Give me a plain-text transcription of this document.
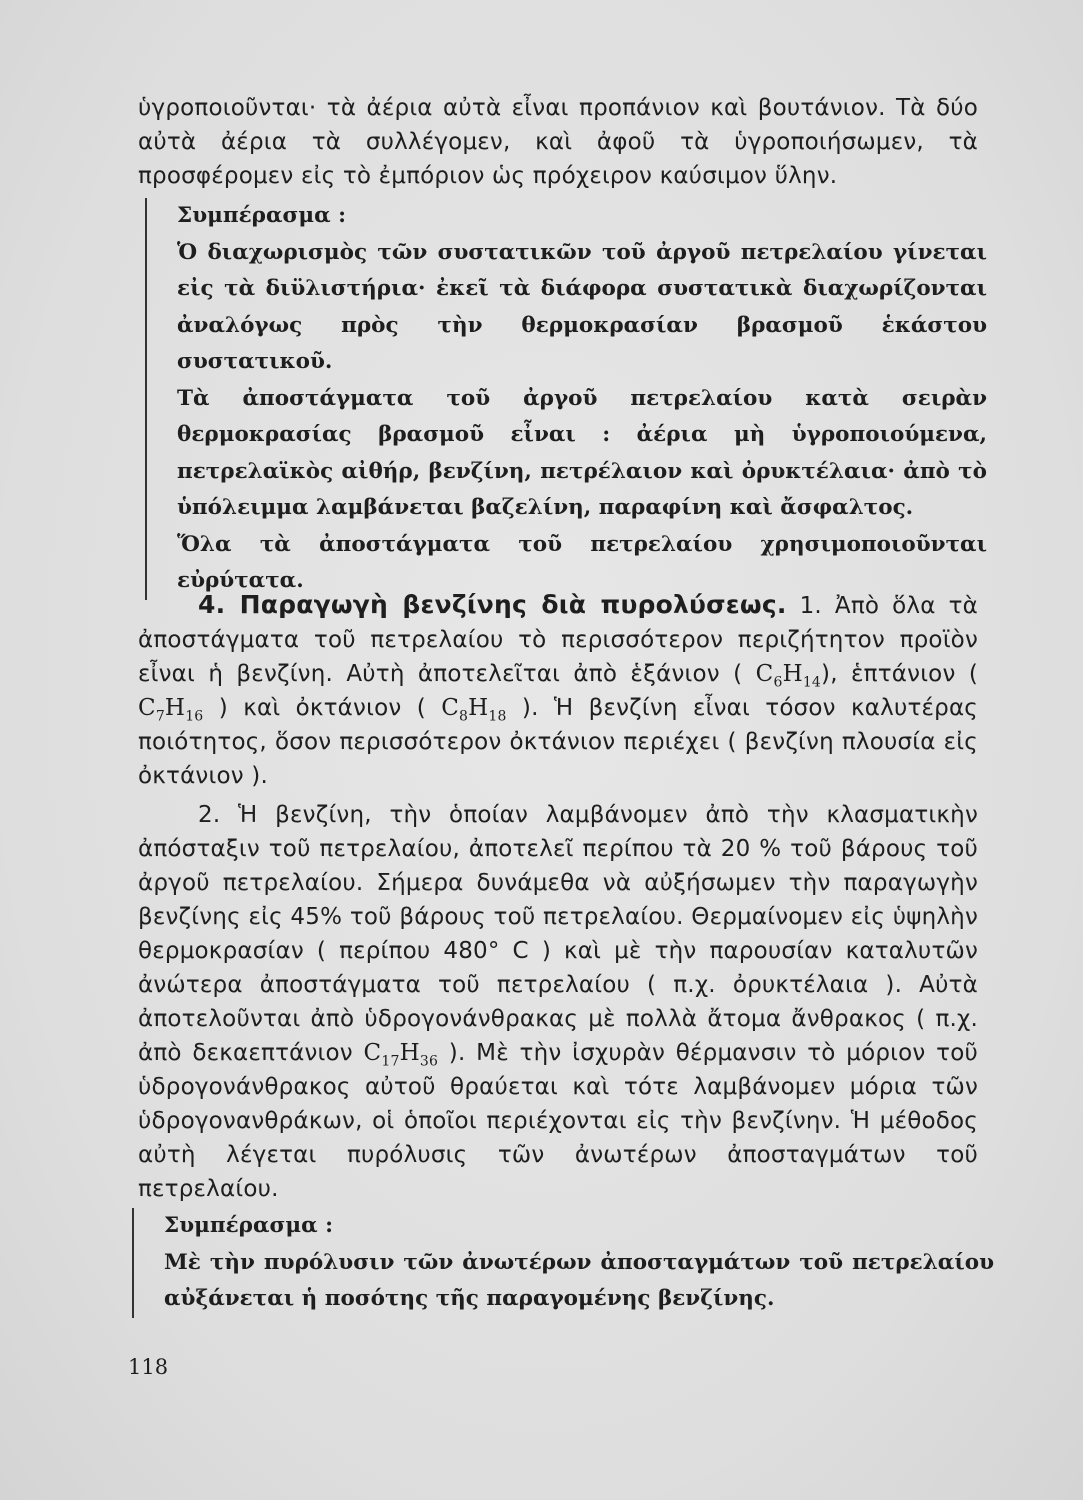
ὑγροποιοῦνται· τὰ ἀέρια αὐτὰ εἶναι προπάνιον καὶ βουτάνιον. Τὰ δύο αὐτὰ ἀέρια τὰ συλλέγομεν, καὶ ἀφοῦ τὰ ὑγροποιήσωμεν, τὰ προσφέρομεν εἰς τὸ ἐμπόριον ὡς πρόχειρον καύσιμον ὕλην.

Συμπέρασμα :
Ὁ διαχωρισμὸς τῶν συστατικῶν τοῦ ἀργοῦ πετρελαίου γίνεται εἰς τὰ διϋλιστήρια· ἐκεῖ τὰ διάφορα συστατικὰ διαχωρίζονται ἀναλόγως πρὸς τὴν θερμοκρασίαν βρασμοῦ ἑκάστου συστατικοῦ.
Τὰ ἀποστάγματα τοῦ ἀργοῦ πετρελαίου κατὰ σειρὰν θερμοκρασίας βρασμοῦ εἶναι : ἀέρια μὴ ὑγροποιούμενα, πετρελαϊκὸς αἰθήρ, βενζίνη, πετρέλαιον καὶ ὀρυκτέλαια· ἀπὸ τὸ ὑπόλειμμα λαμβάνεται βαζελίνη, παραφίνη καὶ ἄσφαλτος.
Ὅλα τὰ ἀποστάγματα τοῦ πετρελαίου χρησιμοποιοῦνται εὐρύτατα.

4. Παραγωγὴ βενζίνης διὰ πυρολύσεως. 1. Ἀπὸ ὅλα τὰ ἀποστάγματα τοῦ πετρελαίου τὸ περισσότερον περιζήτητον προϊὸν εἶναι ἡ βενζίνη. Αὐτὴ ἀποτελεῖται ἀπὸ ἑξάνιον ( $C_6H_{14}$), ἑπτάνιον ( $C_7H_{16}$ ) καὶ ὀκτάνιον ( $C_8H_{18}$ ). Ἡ βενζίνη εἶναι τόσον καλυτέρας ποιότητος, ὅσον περισσότερον ὀκτάνιον περιέχει ( βενζίνη πλουσία εἰς ὀκτάνιον ).

2. Ἡ βενζίνη, τὴν ὁποίαν λαμβάνομεν ἀπὸ τὴν κλασματικὴν ἀπόσταξιν τοῦ πετρελαίου, ἀποτελεῖ περίπου τὰ 20 % τοῦ βάρους τοῦ ἀργοῦ πετρελαίου. Σήμερα δυνάμεθα νὰ αὐξήσωμεν τὴν παραγωγὴν βενζίνης εἰς 45% τοῦ βάρους τοῦ πετρελαίου. Θερμαίνομεν εἰς ὑψηλὴν θερμοκρασίαν ( περίπου 480° C ) καὶ μὲ τὴν παρουσίαν καταλυτῶν ἀνώτερα ἀποστάγματα τοῦ πετρελαίου ( π.χ. ὀρυκτέλαια ). Αὐτὰ ἀποτελοῦνται ἀπὸ ὑδρογονάνθρακας μὲ πολλὰ ἄτομα ἄνθρακος ( π.χ. ἀπὸ δεκαεπτάνιον $C_{17}H_{36}$ ). Μὲ τὴν ἰσχυρὰν θέρμανσιν τὸ μόριον τοῦ ὑδρογονάνθρακος αὐτοῦ θραύεται καὶ τότε λαμβάνομεν μόρια τῶν ὑδρογονανθράκων, οἱ ὁποῖοι περιέχονται εἰς τὴν βενζίνην. Ἡ μέθοδος αὐτὴ λέγεται πυρόλυσις τῶν ἀνωτέρων ἀποσταγμάτων τοῦ πετρελαίου.

Συμπέρασμα :
Μὲ τὴν πυρόλυσιν τῶν ἀνωτέρων ἀποσταγμάτων τοῦ πετρελαίου αὐξάνεται ἡ ποσότης τῆς παραγομένης βενζίνης.
118
